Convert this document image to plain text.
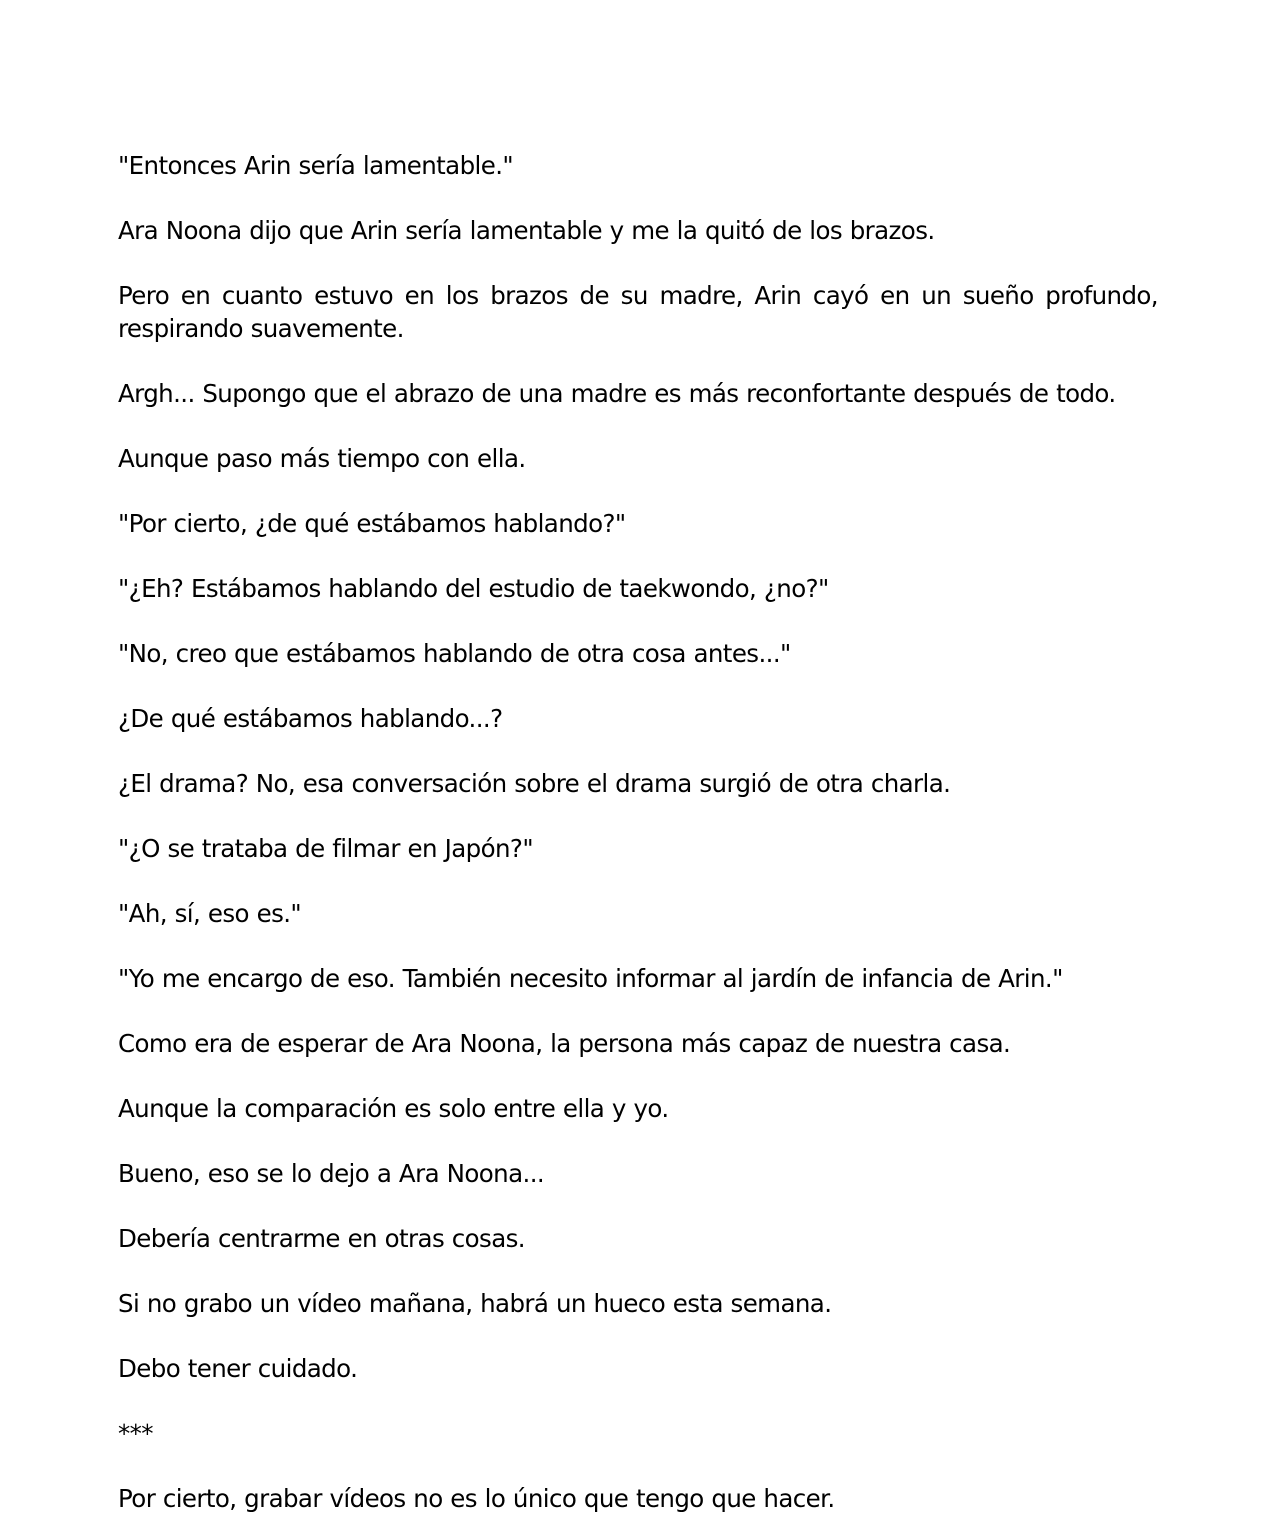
"Entonces Arin sería lamentable."

Ara Noona dijo que Arin sería lamentable y me la quitó de los brazos.

Pero en cuanto estuvo en los brazos de su madre, Arin cayó en un sueño profundo, respirando suavemente.

Argh... Supongo que el abrazo de una madre es más reconfortante después de todo.

Aunque paso más tiempo con ella.

"Por cierto, ¿de qué estábamos hablando?"

"¿Eh? Estábamos hablando del estudio de taekwondo, ¿no?"

"No, creo que estábamos hablando de otra cosa antes..."

¿De qué estábamos hablando...?

¿El drama? No, esa conversación sobre el drama surgió de otra charla.

"¿O se trataba de filmar en Japón?"

"Ah, sí, eso es."

"Yo me encargo de eso. También necesito informar al jardín de infancia de Arin."

Como era de esperar de Ara Noona, la persona más capaz de nuestra casa.

Aunque la comparación es solo entre ella y yo.

Bueno, eso se lo dejo a Ara Noona...

Debería centrarme en otras cosas.

Si no grabo un vídeo mañana, habrá un hueco esta semana.

Debo tener cuidado.

***

Por cierto, grabar vídeos no es lo único que tengo que hacer.
